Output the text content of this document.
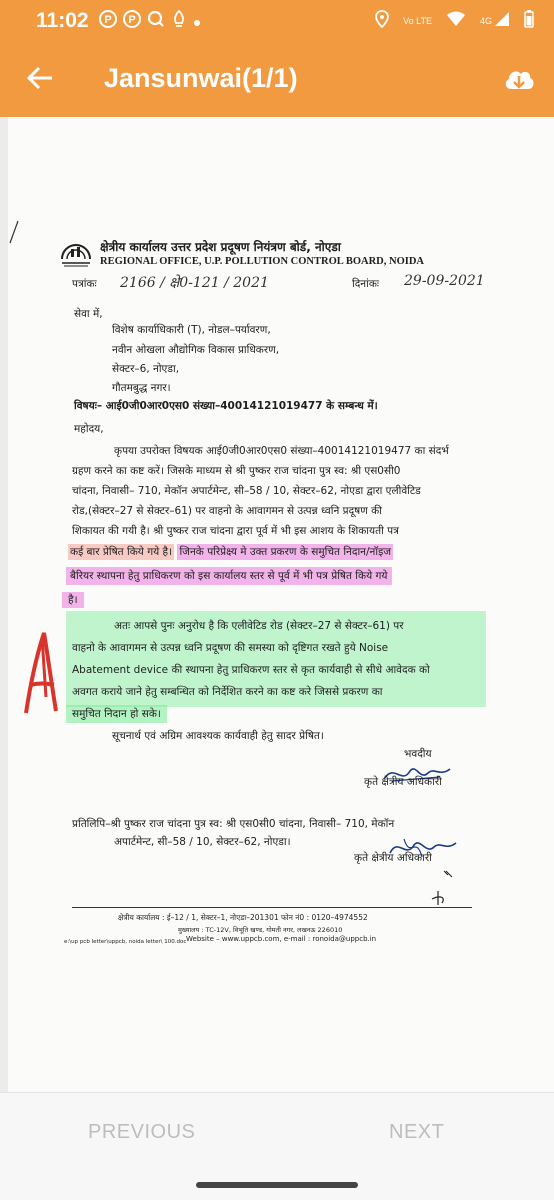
11:02 P P	Vo LTE	4G
Jansunwai(1/1)
क्षेत्रीय कार्यालय उत्तर प्रदेश प्रदूषण नियंत्रण बोर्ड, नोएडा
REGIONAL OFFICE, U.P. POLLUTION CONTROL BOARD, NOIDA
पत्रांकः 2166 / क्षे0-121 / 2021	दिनांकः 29-09-2021
सेवा में,
विशेष कार्याधिकारी (T), नोडल–पर्यावरण,
नवीन ओखला औद्योगिक विकास प्राधिकरण,
सेक्टर–6, नोएडा,
गौतमबुद्ध नगर।
विषयः– आई0जी0आर0एस0 संख्या–40014121019477 के सम्बन्ध में।
महोदय,
कृपया उपरोक्त विषयक आई0जी0आर0एस0 संख्या–40014121019477 का संदर्भ
ग्रहण करने का कष्ट करें। जिसके माध्यम से श्री पुष्कर राज चांदना पुत्र स्व: श्री एस0सी0
चांदना, निवासी– 710, मेकॉन अपार्टमेन्ट, सी–58 / 10, सेक्टर–62, नोएडा द्वारा एलीवेटिड
रोड,(सेक्टर–27 से सेक्टर–61) पर वाहनो के आवागमन से उत्पन्न ध्वनि प्रदूषण की
शिकायत की गयी है। श्री पुष्कर राज चांदना द्वारा पूर्व में भी इस आशय के शिकायती पत्र
कई बार प्रेषित किये गये है। जिनके परिप्रेक्ष्य मे उक्त प्रकरण के समुचित निदान/नॉइज
बैरियर स्थापना हेतु प्राधिकरण को इस कार्यालय स्तर से पूर्व में भी पत्र प्रेषित किये गये
है।
अतः आपसे पुनः अनुरोध है कि एलीवेटिड रोड (सेक्टर–27 से सेक्टर–61) पर
वाहनो के आवागमन से उत्पन्न ध्वनि प्रदूषण की समस्या को दृष्टिगत रखते हुये Noise
Abatement device की स्थापना हेतु प्राधिकरण स्तर से कृत कार्यवाही से सीधे आवेदक को
अवगत कराये जाने हेतु सम्बन्धित को निर्देशित करने का कष्ट करे जिससे प्रकरण का
समुचित निदान हो सके।
सूचनार्थ एवं अग्रिम आवश्यक कार्यवाही हेतु सादर प्रेषित।
भवदीय
कृते क्षेत्रीय अधिकारी
प्रतिलिपि–श्री पुष्कर राज चांदना पुत्र स्व: श्री एस0सी0 चांदना, निवासी– 710, मेकॉन
अपार्टमेन्ट, सी–58 / 10, सेक्टर–62, नोएडा।
कृते क्षेत्रीय अधिकारी
क्षेत्रीय कार्यालय : ई–12 / 1, सेक्टर–1, नोएडा–201301 फोन नं0 : 0120–4974552
मुख्यालय : TC-12V, विभूति खण्ड, गोमती नगर, लखनऊ 226010
Website – www.uppcb.com, e-mail : ronoida@uppcb.in
e:\up pcb letter\uppcb, noida letter\ 100.doc
PREVIOUS	NEXT
